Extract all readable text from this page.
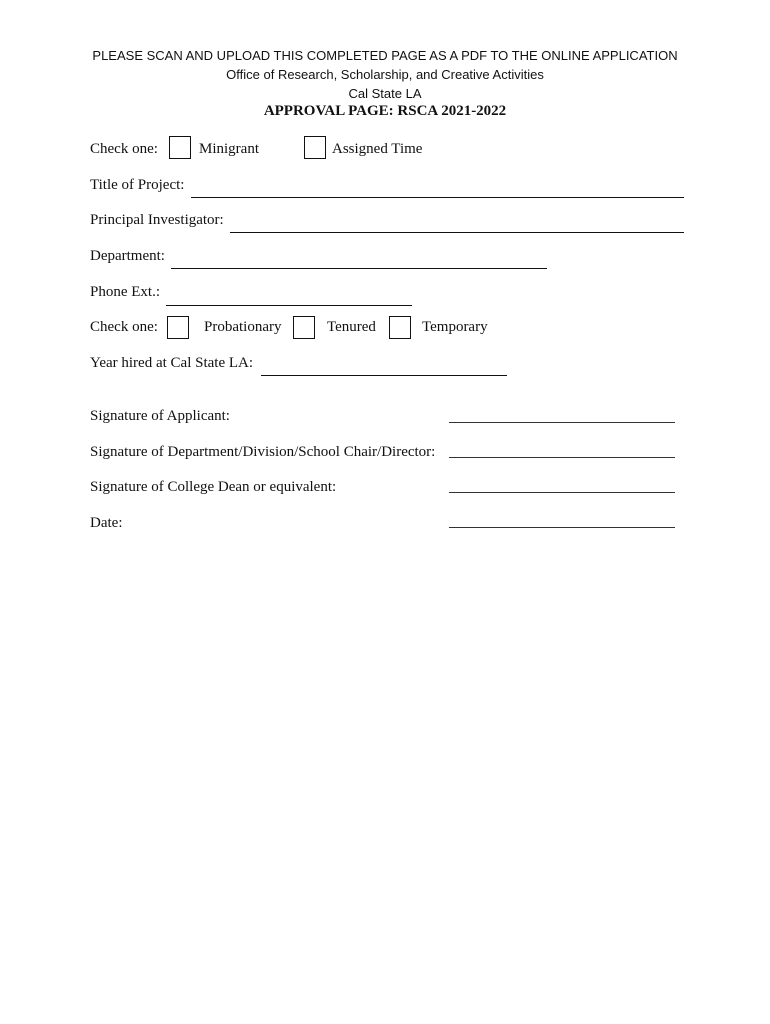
PLEASE SCAN AND UPLOAD THIS COMPLETED PAGE AS A PDF TO THE ONLINE APPLICATION
Office of Research, Scholarship, and Creative Activities
Cal State LA
APPROVAL PAGE: RSCA 2021-2022
Check one:	Minigrant	Assigned Time
Title of Project:
Principal Investigator:
Department:
Phone Ext.:
Check one:	Probationary	Tenured	Temporary
Year hired at Cal State LA:
Signature of Applicant:
Signature of Department/Division/School Chair/Director:
Signature of College Dean or equivalent:
Date:
